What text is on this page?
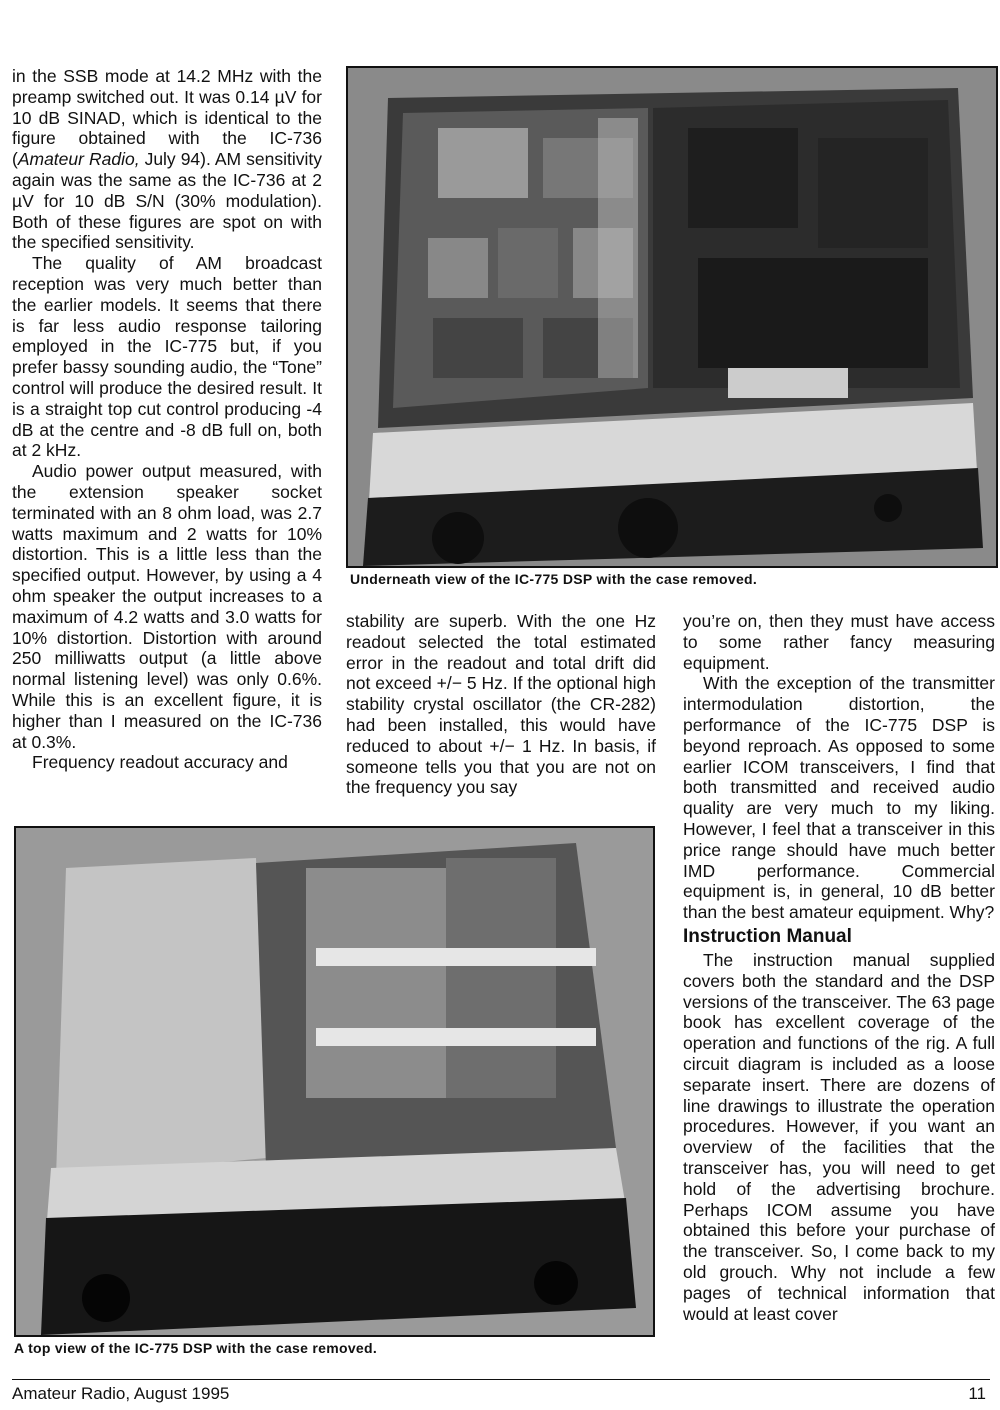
in the SSB mode at 14.2 MHz with the preamp switched out. It was 0.14 µV for 10 dB SINAD, which is identical to the figure obtained with the IC-736 (Amateur Radio, July 94). AM sensitivity again was the same as the IC-736 at 2 µV for 10 dB S/N (30% modulation). Both of these figures are spot on with the specified sensitivity.

The quality of AM broadcast reception was very much better than the earlier models. It seems that there is far less audio response tailoring employed in the IC-775 but, if you prefer bassy sounding audio, the “Tone” control will produce the desired result. It is a straight top cut control producing -4 dB at the centre and -8 dB full on, both at 2 kHz.

Audio power output measured, with the extension speaker socket terminated with an 8 ohm load, was 2.7 watts maximum and 2 watts for 10% distortion. This is a little less than the specified output. However, by using a 4 ohm speaker the output increases to a maximum of 4.2 watts and 3.0 watts for 10% distortion. Distortion with around 250 milliwatts output (a little above normal listening level) was only 0.6%. While this is an excellent figure, it is higher than I measured on the IC-736 at 0.3%.

Frequency readout accuracy and

Underneath view of the IC-775 DSP with the case removed.

stability are superb. With the one Hz readout selected the total estimated error in the readout and total drift did not exceed +/− 5 Hz. If the optional high stability crystal oscillator (the CR-282) had been installed, this would have reduced to about +/− 1 Hz. In basis, if someone tells you that you are not on the frequency you say

you’re on, then they must have access to some rather fancy measuring equipment.

With the exception of the transmitter intermodulation distortion, the performance of the IC-775 DSP is beyond reproach. As opposed to some earlier ICOM transceivers, I find that both transmitted and received audio quality are very much to my liking. However, I feel that a transceiver in this price range should have much better IMD performance. Commercial equipment is, in general, 10 dB better than the best amateur equipment. Why?

Instruction Manual

The instruction manual supplied covers both the standard and the DSP versions of the transceiver. The 63 page book has excellent coverage of the operation and functions of the rig. A full circuit diagram is included as a loose separate insert. There are dozens of line drawings to illustrate the operation procedures. However, if you want an overview of the facilities that the transceiver has, you will need to get hold of the advertising brochure. Perhaps ICOM assume you have obtained this before your purchase of the transceiver. So, I come back to my old grouch. Why not include a few pages of technical information that would at least cover

A top view of the IC-775 DSP with the case removed.
Amateur Radio, August 1995	11
